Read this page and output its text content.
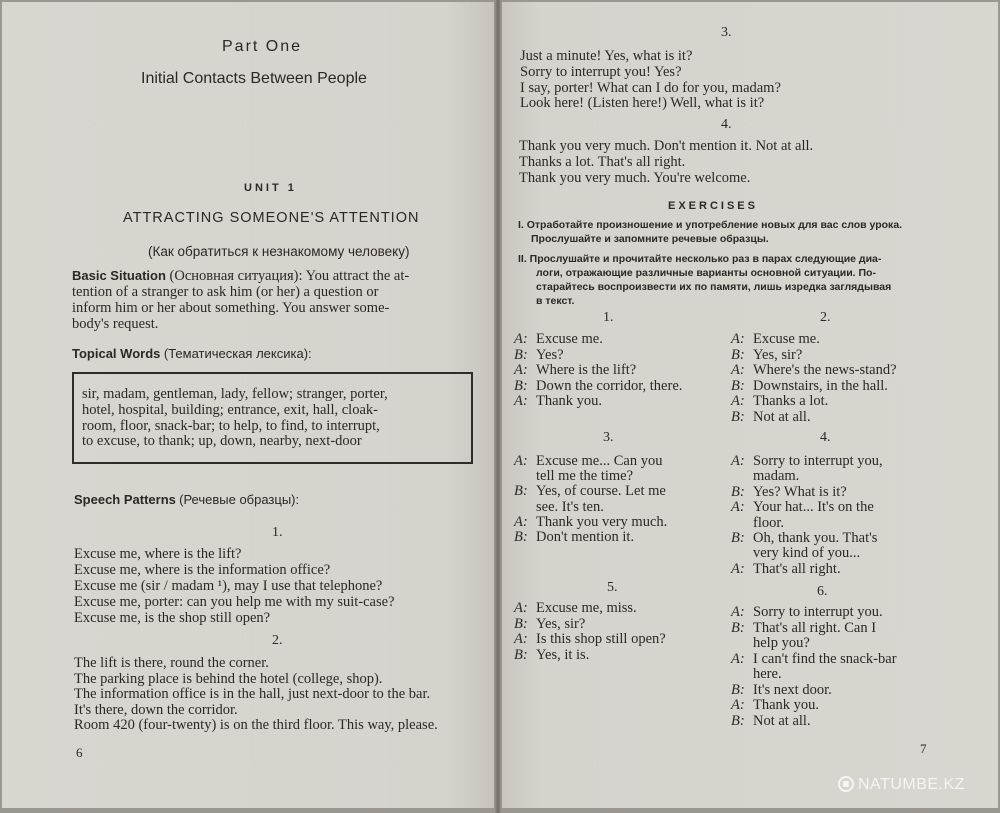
Part One
Initial Contacts Between People
UNIT 1
ATTRACTING SOMEONE'S ATTENTION
(Как обратиться к незнакомому человеку)
Basic Situation (Основная ситуация): You attract the at-
tention of a stranger to ask him (or her) a question or
inform him or her about something. You answer some-
body's request.
Topical Words (Тематическая лексика):
sir, madam, gentleman, lady, fellow; stranger, porter,
hotel, hospital, building; entrance, exit, hall, cloak-
room, floor, snack-bar; to help, to find, to interrupt,
to excuse, to thank; up, down, nearby, next-door
Speech Patterns (Речевые образцы):
1.
Excuse me, where is the lift?
Excuse me, where is the information office?
Excuse me (sir / madam ¹), may I use that telephone?
Excuse me, porter: can you help me with my suit-case?
Excuse me, is the shop still open?
2.
The lift is there, round the corner.
The parking place is behind the hotel (college, shop).
The information office is in the hall, just next-door to the bar.
It's there, down the corridor.
Room 420 (four-twenty) is on the third floor. This way, please.
6
3.
Just a minute! Yes, what is it?
Sorry to interrupt you! Yes?
I say, porter! What can I do for you, madam?
Look here! (Listen here!) Well, what is it?
4.
Thank you very much. Don't mention it. Not at all.
Thanks a lot. That's all right.
Thank you very much. You're welcome.
EXERCISES
I. Отработайте произношение и употребление новых для вас слов урока.
Прослушайте и запомните речевые образцы.
II. Прослушайте и прочитайте несколько раз в парах следующие диа-
логи, отражающие различные варианты основной ситуации. По-
старайтесь воспроизвести их по памяти, лишь изредка заглядывая
в текст.
1.
A: Excuse me.
B: Yes?
A: Where is the lift?
B: Down the corridor, there.
A: Thank you.
2.
A: Excuse me.
B: Yes, sir?
A: Where's the news-stand?
B: Downstairs, in the hall.
A: Thanks a lot.
B: Not at all.
3.
A: Excuse me... Can you
tell me the time?
B: Yes, of course. Let me
see. It's ten.
A: Thank you very much.
B: Don't mention it.
4.
A: Sorry to interrupt you,
madam.
B: Yes? What is it?
A: Your hat... It's on the
floor.
B: Oh, thank you. That's
very kind of you...
A: That's all right.
5.
A: Excuse me, miss.
B: Yes, sir?
A: Is this shop still open?
B: Yes, it is.
6.
A: Sorry to interrupt you.
B: That's all right. Can I
help you?
A: I can't find the snack-bar
here.
B: It's next door.
A: Thank you.
B: Not at all.
7
NATUMBE.KZ
